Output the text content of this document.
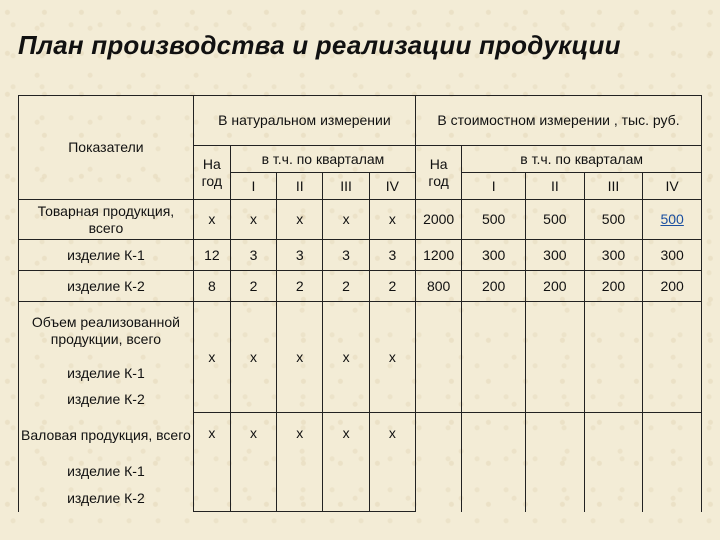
План производства и реализации продукции
Показатели	В натуральном измерении					В стоимостном измерении , тыс. руб.				
	На год	в т.ч. по кварталам				На год	в т.ч. по кварталам			
		I	II	III	IV		I	II	III	IV
Товарная продукция, всего	х	х	х	х	х	2000	500	500	500	500
изделие К-1	12	3	3	3	3	1200	300	300	300	300
изделие К-2	8	2	2	2	2	800	200	200	200	200
Объем реализованной продукции, всего	х	х	х	х	х					
изделие К-1										
изделие К-2										
Валовая продукция, всего	х	х	х	х	х					
изделие К-1										
изделие К-2										
